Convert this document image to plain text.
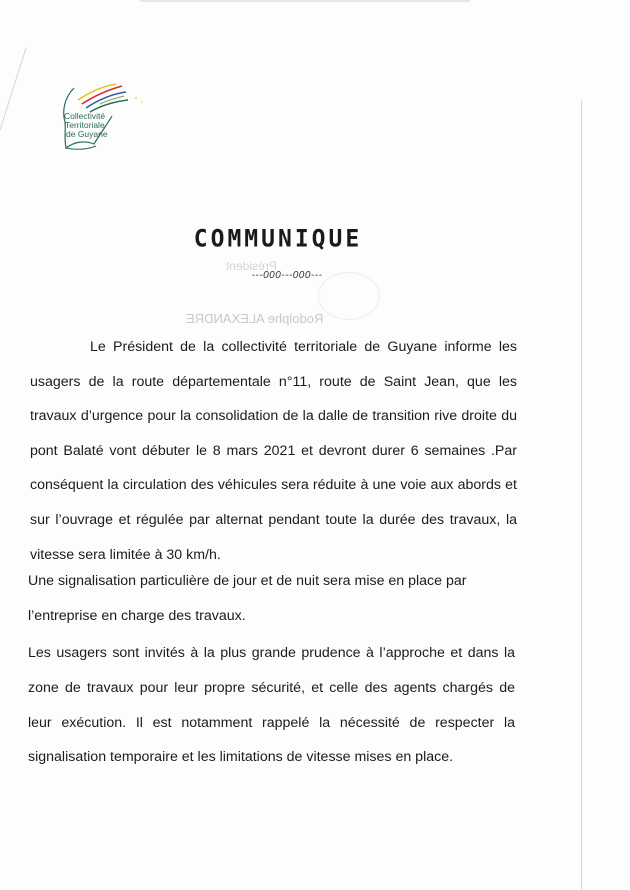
Collectivité
Territoriale
de Guyane
Président
Rodolphe ALEXANDRE
COMMUNIQUE
---000---000---

Le Président de la collectivité territoriale de Guyane informe les usagers de la route départementale n°11, route de Saint Jean, que les travaux d’urgence pour la consolidation de la dalle de transition rive droite du pont Balaté vont débuter le 8 mars 2021 et devront durer 6 semaines .Par conséquent la circulation des véhicules sera réduite à une voie aux abords et sur l’ouvrage et régulée par alternat pendant toute la durée des travaux, la vitesse sera limitée à 30 km/h.

Une signalisation particulière de jour et de nuit sera mise en place par l’entreprise en charge des travaux.

Les usagers sont invités à la plus grande prudence à l’approche et dans la zone de travaux pour leur propre sécurité, et celle des agents chargés de leur exécution. Il est notamment rappelé la nécessité de respecter la signalisation temporaire et les limitations de vitesse mises en place.
